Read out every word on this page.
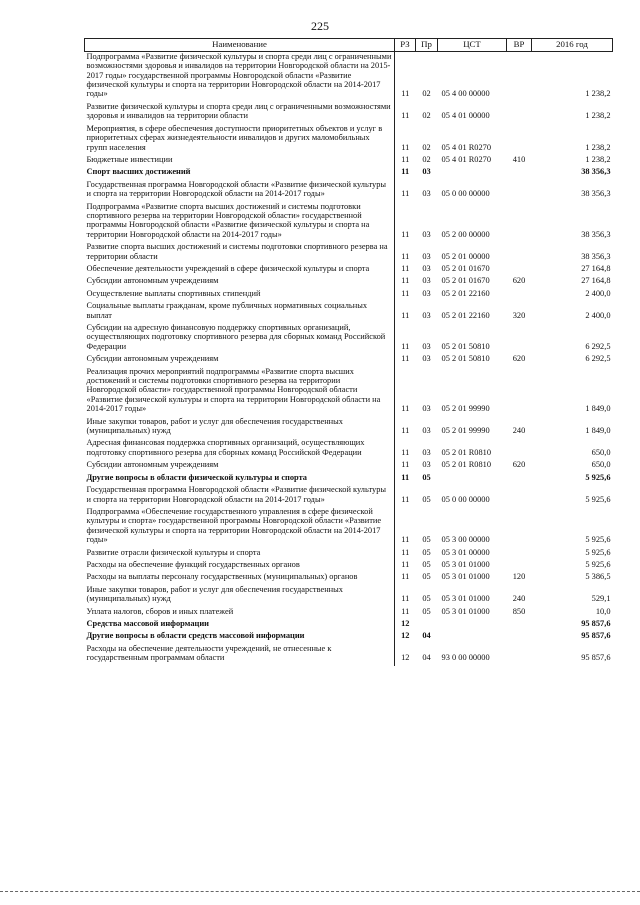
225
Наименование	РЗ	Пр	ЦСТ	ВР	2016 год
Подпрограмма «Развитие физической культуры и спорта среди лиц с ограниченными возможностями здоровья и инвалидов на территории Новгородской области на 2015-2017 годы» государственной программы Новгородской области «Развитие физической культуры и спорта на территории Новгородской области на 2014-2017 годы»	11	02	05 4 00 00000		1 238,2
Развитие физической культуры и спорта среди лиц с ограниченными возможностями здоровья и инвалидов на территории области	11	02	05 4 01 00000		1 238,2
Мероприятия, в сфере обеспечения доступности приоритетных объектов и услуг в приоритетных сферах жизнедеятельности инвалидов и других маломобильных групп населения	11	02	05 4 01 R0270		1 238,2
Бюджетные инвестиции	11	02	05 4 01 R0270	410	1 238,2
Спорт высших достижений	11	03			38 356,3
Государственная программа Новгородской области «Развитие физической культуры и спорта на территории Новгородской области на 2014-2017 годы»	11	03	05 0 00 00000		38 356,3
Подпрограмма «Развитие спорта высших достижений и системы подготовки спортивного резерва на территории Новгородской области» государственной программы Новгородской области «Развитие физической культуры и спорта на территории Новгородской области на 2014-2017 годы»	11	03	05 2 00 00000		38 356,3
Развитие спорта высших достижений и системы подготовки спортивного резерва на территории области	11	03	05 2 01 00000		38 356,3
Обеспечение деятельности учреждений в сфере физической культуры и спорта	11	03	05 2 01 01670		27 164,8
Субсидии автономным учреждениям	11	03	05 2 01 01670	620	27 164,8
Осуществление выплаты спортивных стипендий	11	03	05 2 01 22160		2 400,0
Социальные выплаты гражданам, кроме публичных нормативных социальных выплат	11	03	05 2 01 22160	320	2 400,0
Субсидии на адресную финансовую поддержку спортивных организаций, осуществляющих подготовку спортивного резерва для сборных команд Российской Федерации	11	03	05 2 01 50810		6 292,5
Субсидии автономным учреждениям	11	03	05 2 01 50810	620	6 292,5
Реализация прочих мероприятий подпрограммы «Развитие спорта высших достижений и системы подготовки спортивного резерва на территории Новгородской области» государственной программы Новгородской области «Развитие физической культуры и спорта на территории Новгородской области на 2014-2017 годы»	11	03	05 2 01 99990		1 849,0
Иные закупки товаров, работ и услуг для обеспечения государственных (муниципальных) нужд	11	03	05 2 01 99990	240	1 849,0
Адресная финансовая поддержка спортивных организаций, осуществляющих подготовку спортивного резерва для сборных команд Российской Федерации	11	03	05 2 01 R0810		650,0
Субсидии автономным учреждениям	11	03	05 2 01 R0810	620	650,0
Другие вопросы в области физической культуры и спорта	11	05			5 925,6
Государственная программа Новгородской области «Развитие физической культуры и спорта на территории Новгородской области на 2014-2017 годы»	11	05	05 0 00 00000		5 925,6
Подпрограмма «Обеспечение государственного управления в сфере физической культуры и спорта» государственной программы Новгородской области «Развитие физической культуры и спорта на территории Новгородской области на 2014-2017 годы»	11	05	05 3 00 00000		5 925,6
Развитие отрасли физической культуры и спорта	11	05	05 3 01 00000		5 925,6
Расходы на обеспечение функций государственных органов	11	05	05 3 01 01000		5 925,6
Расходы на выплаты персоналу государственных (муниципальных) органов	11	05	05 3 01 01000	120	5 386,5
Иные закупки товаров, работ и услуг для обеспечения государственных (муниципальных) нужд	11	05	05 3 01 01000	240	529,1
Уплата налогов, сборов и иных платежей	11	05	05 3 01 01000	850	10,0
Средства массовой информации	12				95 857,6
Другие вопросы в области средств массовой информации	12	04			95 857,6
Расходы на обеспечение деятельности учреждений, не отнесенные к государственным программам области	12	04	93 0 00 00000		95 857,6
